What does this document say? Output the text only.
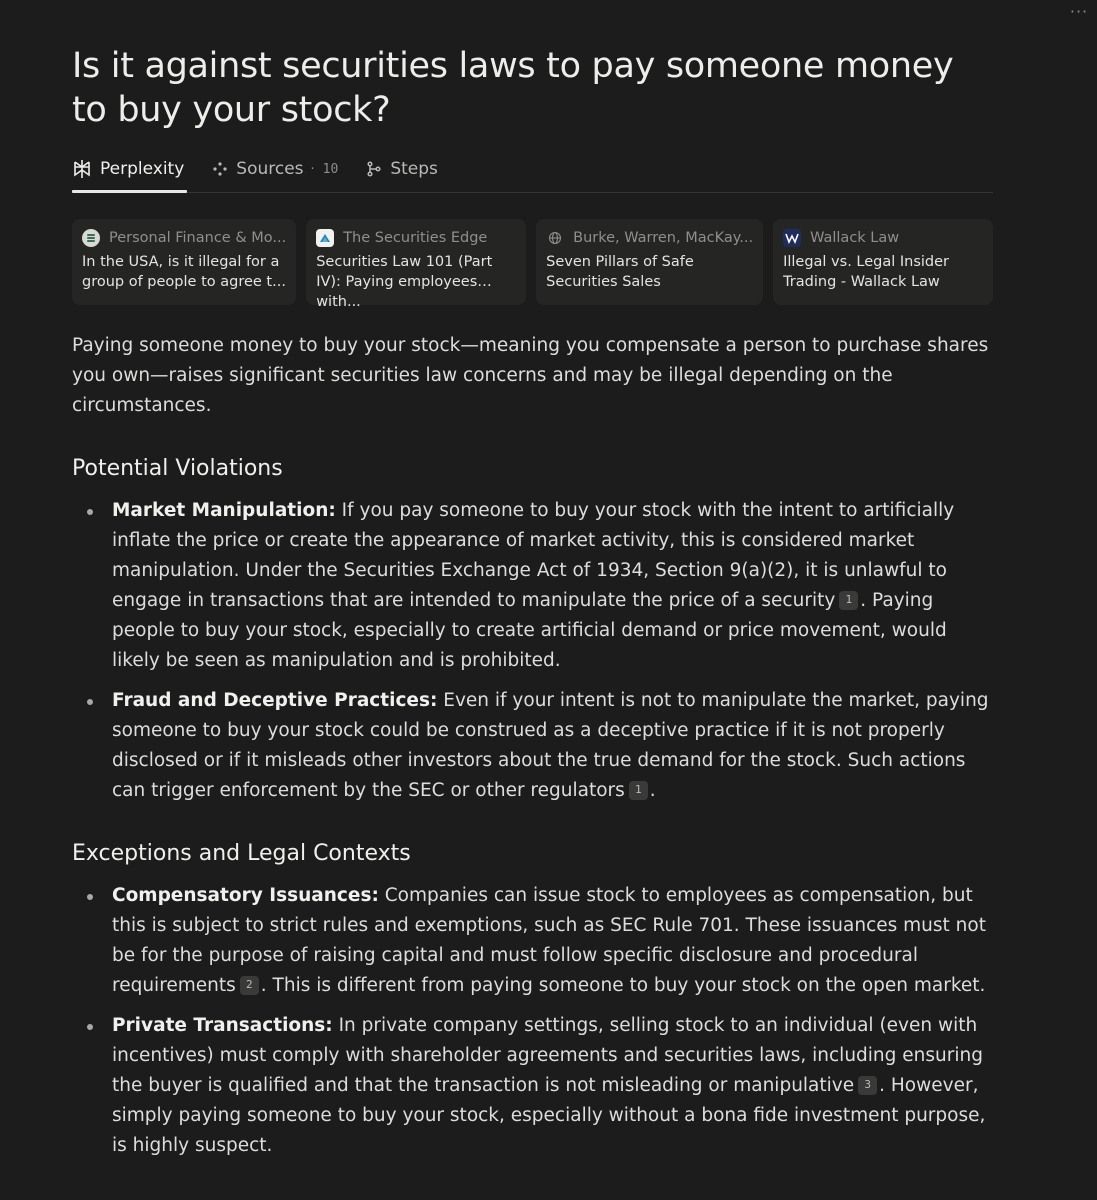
···
Is it against securities laws to pay someone money to buy your stock?
Perplexity	Sources · 10	Steps
Personal Finance & Mo...
In the USA, is it illegal for a group of people to agree t...
The Securities Edge
Securities Law 101 (Part IV): Paying employees with...
Burke, Warren, MacKay...
Seven Pillars of Safe Securities Sales
Wallack Law
Illegal vs. Legal Insider Trading - Wallack Law

Paying someone money to buy your stock—meaning you compensate a person to purchase shares you own—raises significant securities law concerns and may be illegal depending on the circumstances.

Potential Violations
Market Manipulation: If you pay someone to buy your stock with the intent to artificially inflate the price or create the appearance of market activity, this is considered market manipulation. Under the Securities Exchange Act of 1934, Section 9(a)(2), it is unlawful to engage in transactions that are intended to manipulate the price of a security 1 . Paying people to buy your stock, especially to create artificial demand or price movement, would likely be seen as manipulation and is prohibited.
Fraud and Deceptive Practices: Even if your intent is not to manipulate the market, paying someone to buy your stock could be construed as a deceptive practice if it is not properly disclosed or if it misleads other investors about the true demand for the stock. Such actions can trigger enforcement by the SEC or other regulators 1 .
Exceptions and Legal Contexts
Compensatory Issuances: Companies can issue stock to employees as compensation, but this is subject to strict rules and exemptions, such as SEC Rule 701. These issuances must not be for the purpose of raising capital and must follow specific disclosure and procedural requirements 2 . This is different from paying someone to buy your stock on the open market.
Private Transactions: In private company settings, selling stock to an individual (even with incentives) must comply with shareholder agreements and securities laws, including ensuring the buyer is qualified and that the transaction is not misleading or manipulative 3 . However, simply paying someone to buy your stock, especially without a bona fide investment purpose, is highly suspect.
